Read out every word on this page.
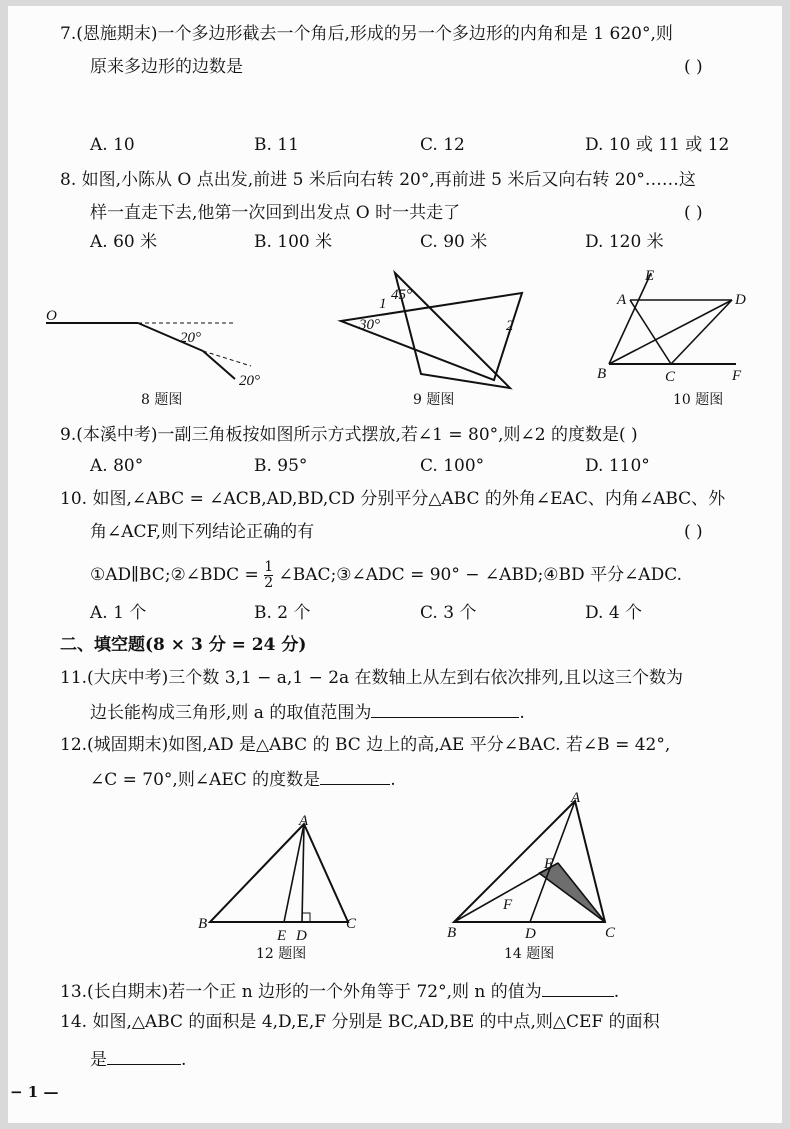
7.(恩施期末)一个多边形截去一个角后,形成的另一个多边形的内角和是 1 620°,则
原来多边形的边数是	( )
A. 10	B. 11	C. 12	D. 10 或 11 或 12
8. 如图,小陈从 O 点出发,前进 5 米后向右转 20°,再前进 5 米后又向右转 20°……这
样一直走下去,他第一次回到出发点 O 时一共走了	( )
A. 60 米	B. 100 米	C. 90 米	D. 120 米
O
20°
20°
8 题图
1
45°
30°	2
9 题图
E
A	D
B	C	F
10 题图
9.(本溪中考)一副三角板按如图所示方式摆放,若∠1 = 80°,则∠2 的度数是( )
A. 80°	B. 95°	C. 100°	D. 110°
10. 如图,∠ABC = ∠ACB,AD,BD,CD 分别平分△ABC 的外角∠EAC、内角∠ABC、外
角∠ACF,则下列结论正确的有	( )
①AD∥BC;②∠BDC = $\frac{1}{2}$ ∠BAC;③∠ADC = 90° − ∠ABD;④BD 平分∠ADC.
A. 1 个	B. 2 个	C. 3 个	D. 4 个
二、填空题(8 × 3 分 = 24 分)
11.(大庆中考)三个数 3,1 − a,1 − 2a 在数轴上从左到右依次排列,且以这三个数为
边长能构成三角形,则 a 的取值范围为	.
12.(城固期末)如图,AD 是△ABC 的 BC 边上的高,AE 平分∠BAC. 若∠B = 42°,
∠C = 70°,则∠AEC 的度数是	.
A
B
E D
C
12 题图
A
E
F
B	D	C
14 题图
13.(长白期末)若一个正 n 边形的一个外角等于 72°,则 n 的值为	.
14. 如图,△ABC 的面积是 4,D,E,F 分别是 BC,AD,BE 的中点,则△CEF 的面积
是	.
− 1 —
